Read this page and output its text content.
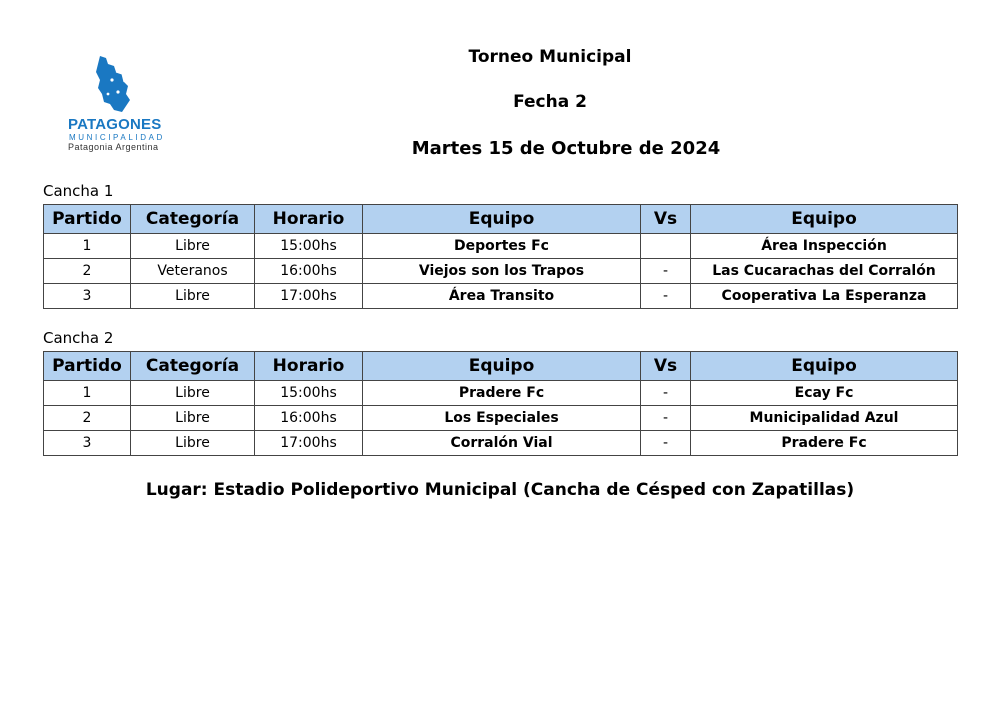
PATAGONES
MUNICIPALIDAD
Patagonia Argentina
Torneo Municipal
Fecha 2
Martes 15 de Octubre de 2024
Cancha 1
Partido	Categoría	Horario	Equipo	Vs	Equipo
1	Libre	15:00hs	Deportes Fc		Área Inspección
2	Veteranos	16:00hs	Viejos son los Trapos	-	Las Cucarachas del Corralón
3	Libre	17:00hs	Área Transito	-	Cooperativa La Esperanza
Cancha 2
Partido	Categoría	Horario	Equipo	Vs	Equipo
1	Libre	15:00hs	Pradere Fc	-	Ecay Fc
2	Libre	16:00hs	Los Especiales	-	Municipalidad Azul
3	Libre	17:00hs	Corralón Vial	-	Pradere Fc
Lugar: Estadio Polideportivo Municipal (Cancha de Césped con Zapatillas)
